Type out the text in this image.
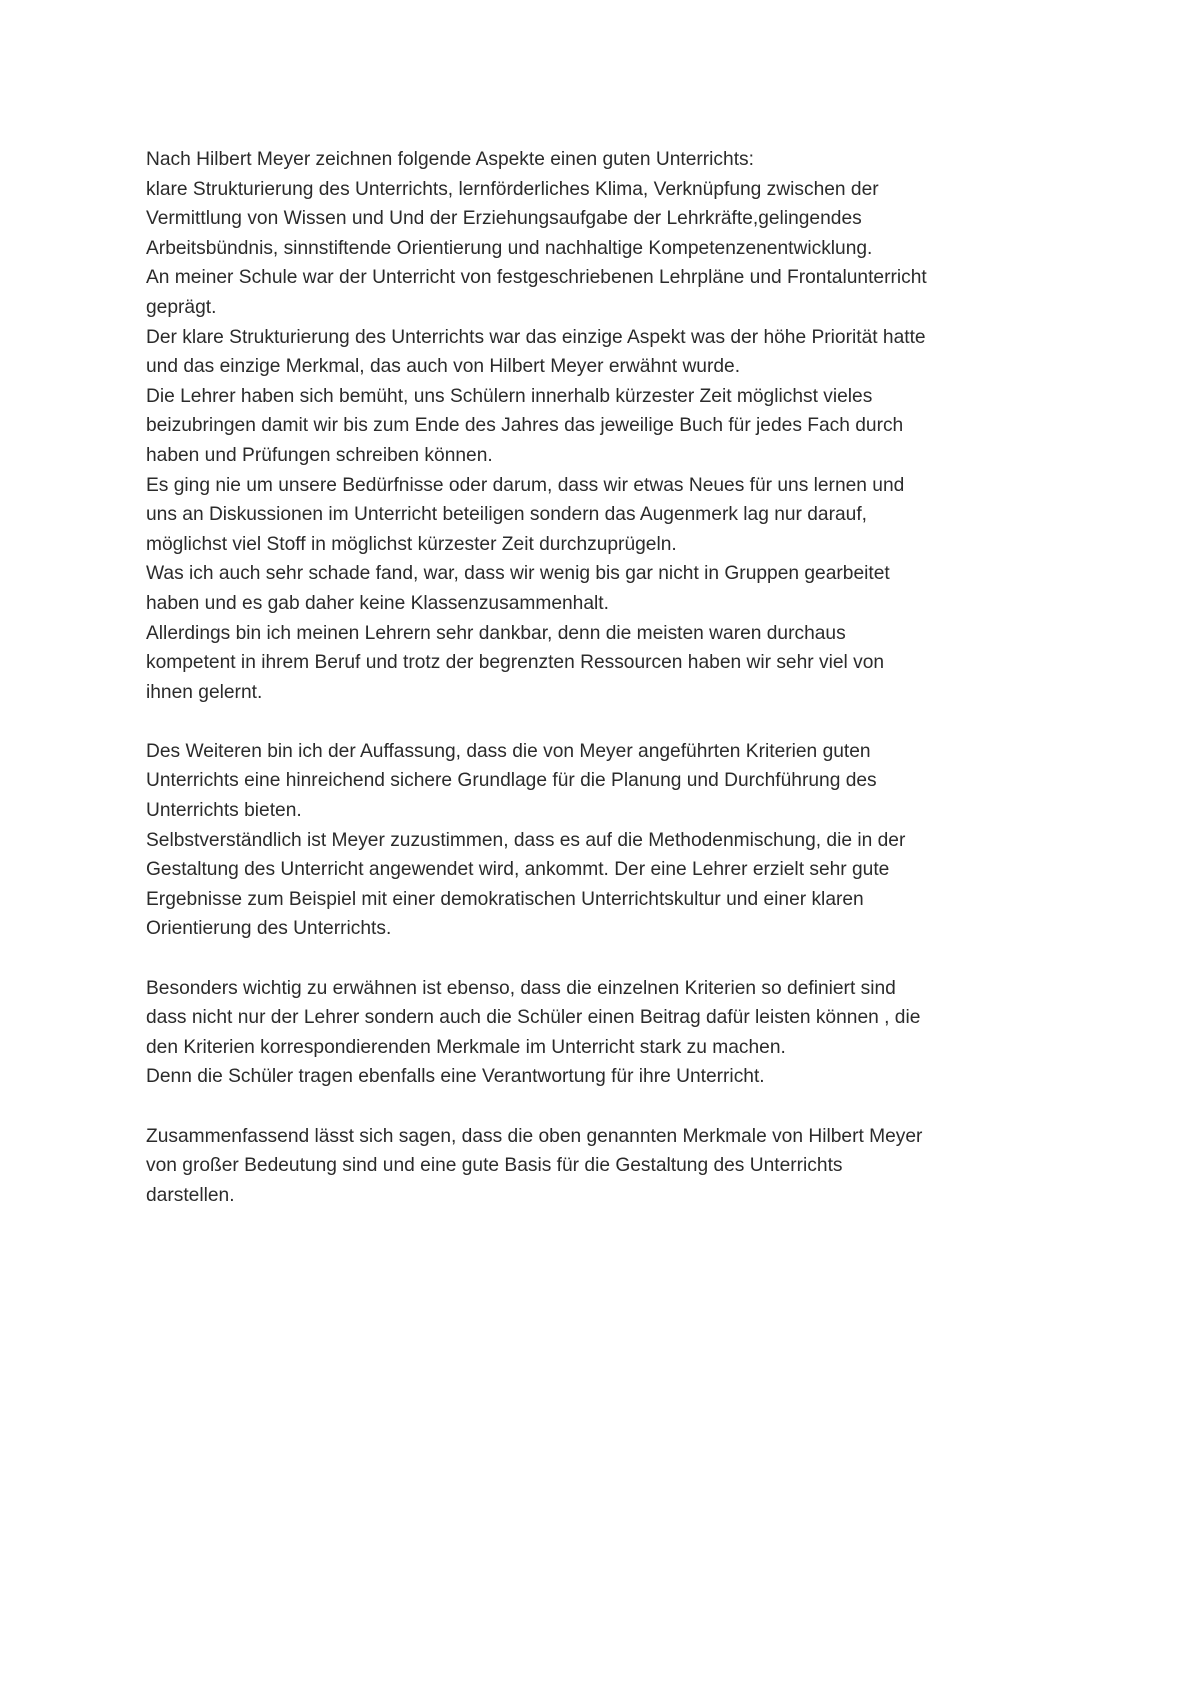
Nach Hilbert Meyer zeichnen folgende Aspekte einen guten Unterrichts:
klare Strukturierung des Unterrichts, lernförderliches Klima, Verknüpfung zwischen der
Vermittlung von Wissen und Und der Erziehungsaufgabe der Lehrkräfte,gelingendes
Arbeitsbündnis, sinnstiftende Orientierung und nachhaltige Kompetenzenentwicklung.
An meiner Schule war der Unterricht von festgeschriebenen Lehrpläne und Frontalunterricht
geprägt.
Der klare Strukturierung des Unterrichts war das einzige Aspekt was der höhe Priorität hatte
und das einzige Merkmal, das auch von Hilbert Meyer erwähnt wurde.
Die Lehrer haben sich bemüht, uns Schülern innerhalb kürzester Zeit möglichst vieles
beizubringen damit wir bis zum Ende des Jahres das jeweilige Buch für jedes Fach durch
haben und Prüfungen schreiben können.
Es ging nie um unsere Bedürfnisse oder darum, dass wir etwas Neues für uns lernen und
uns an Diskussionen im Unterricht beteiligen sondern das Augenmerk lag nur darauf,
möglichst viel Stoff in möglichst kürzester Zeit durchzuprügeln.
Was ich auch sehr schade fand, war, dass wir wenig bis gar nicht in Gruppen gearbeitet
haben und es gab daher keine Klassenzusammenhalt.
Allerdings bin ich meinen Lehrern sehr dankbar, denn die meisten waren durchaus
kompetent in ihrem Beruf und trotz der begrenzten Ressourcen haben wir sehr viel von
ihnen gelernt.
Des Weiteren bin ich der Auffassung, dass die von Meyer angeführten Kriterien guten
Unterrichts eine hinreichend sichere Grundlage für die Planung und Durchführung des
Unterrichts bieten.
Selbstverständlich ist Meyer zuzustimmen, dass es auf die Methodenmischung, die in der
Gestaltung des Unterricht angewendet wird, ankommt. Der eine Lehrer erzielt sehr gute
Ergebnisse zum Beispiel mit einer demokratischen Unterrichtskultur und einer klaren
Orientierung des Unterrichts.
Besonders wichtig zu erwähnen ist ebenso, dass die einzelnen Kriterien so definiert sind
dass nicht nur der Lehrer sondern auch die Schüler einen Beitrag dafür leisten können , die
den Kriterien korrespondierenden Merkmale im Unterricht stark zu machen.
Denn die Schüler tragen ebenfalls eine Verantwortung für ihre Unterricht.
Zusammenfassend lässt sich sagen, dass die oben genannten Merkmale von Hilbert Meyer
von großer Bedeutung sind und eine gute Basis für die Gestaltung des Unterrichts
darstellen.
